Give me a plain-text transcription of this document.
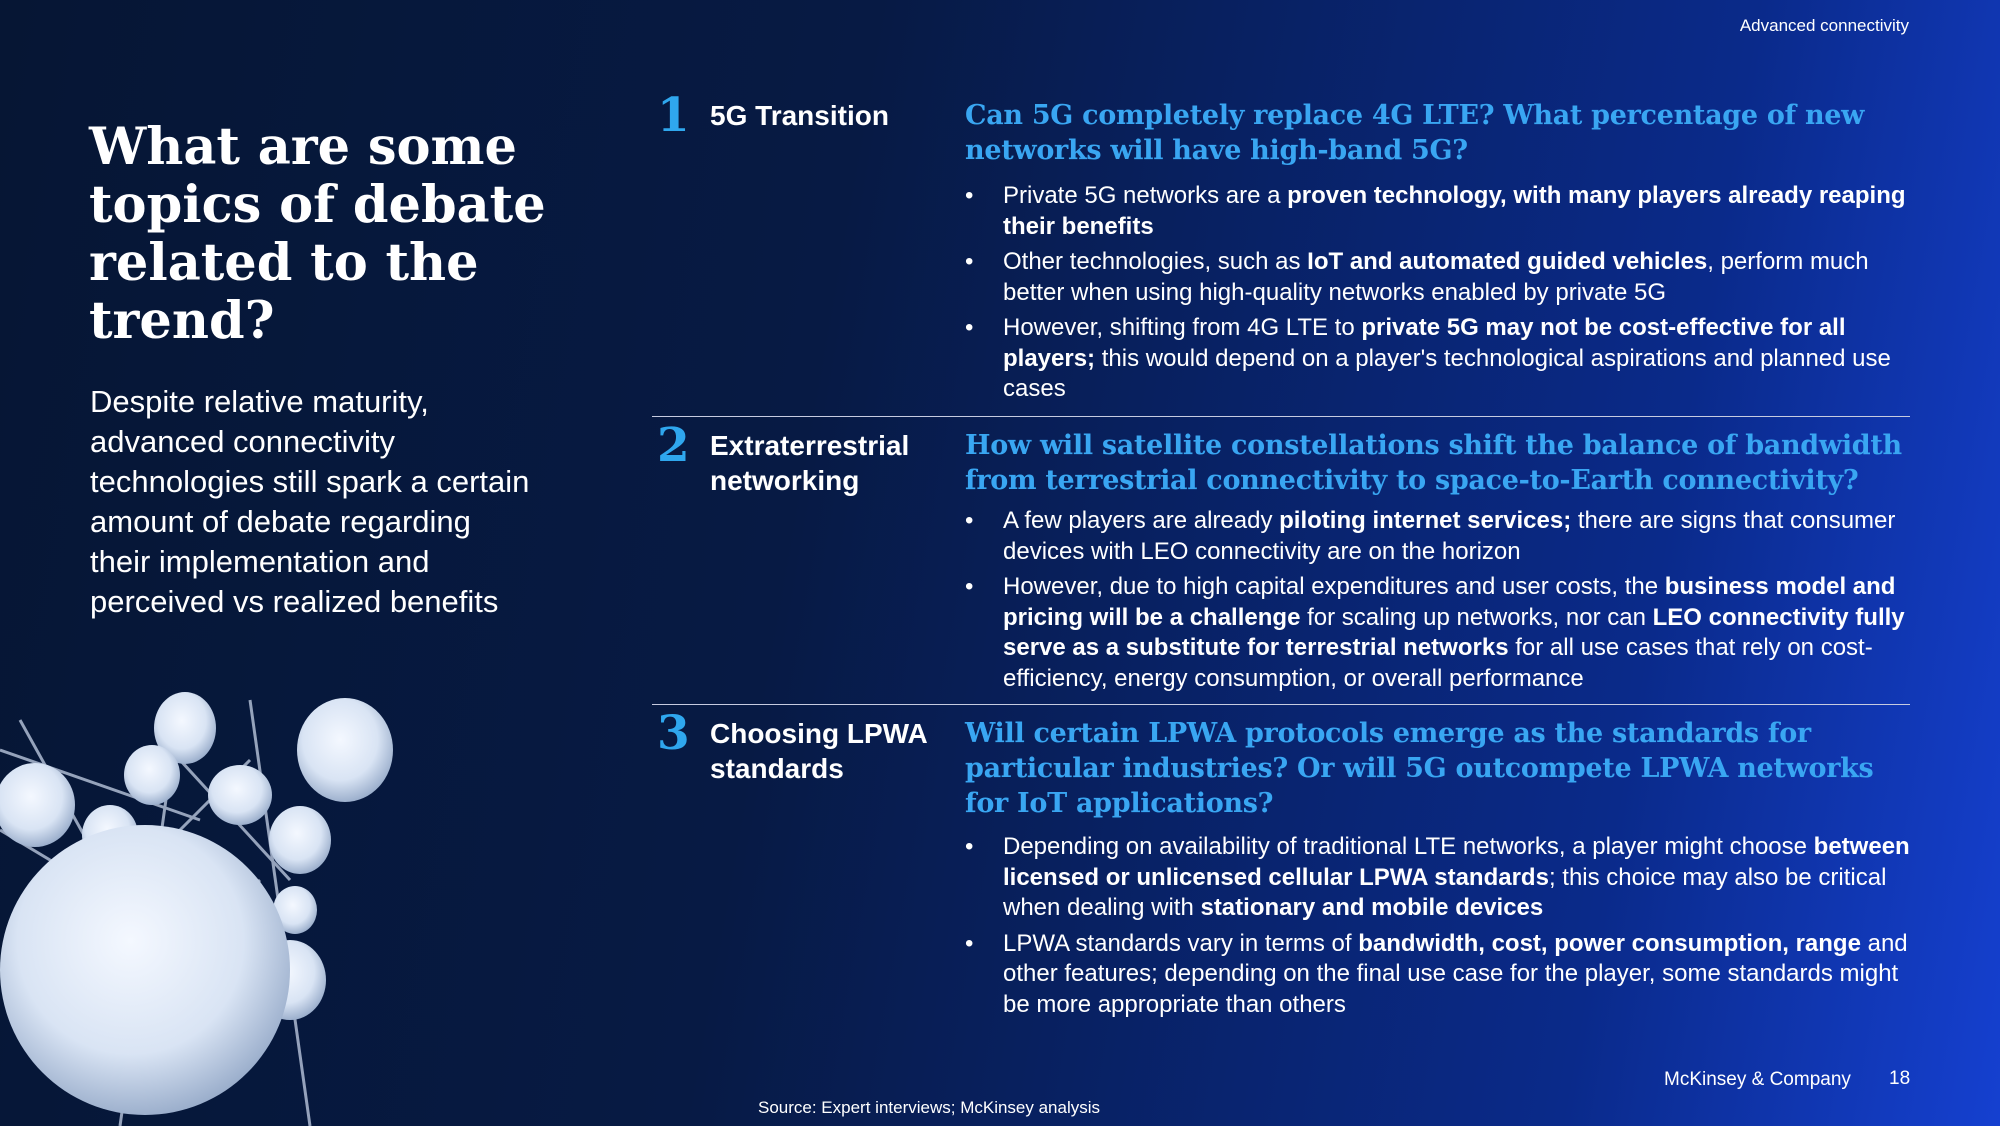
Advanced connectivity
What are some
topics of debate
related to the
trend?
Despite relative maturity,
advanced connectivity
technologies still spark a certain
amount of debate regarding
their implementation and
perceived vs realized benefits
1 5G Transition	Can 5G completely replace 4G LTE? What percentage of new networks will have high-band 5G?

• Private 5G networks are a proven technology, with many players already reaping their benefits
• Other technologies, such as IoT and automated guided vehicles, perform much better when using high-quality networks enabled by private 5G
• However, shifting from 4G LTE to private 5G may not be cost-effective for all players; this would depend on a player's technological aspirations and planned use cases
2 Extraterrestrial
networking

How will satellite constellations shift the balance of bandwidth from terrestrial connectivity to space-to-Earth connectivity?

• A few players are already piloting internet services; there are signs that consumer devices with LEO connectivity are on the horizon
• However, due to high capital expenditures and user costs, the business model and pricing will be a challenge for scaling up networks, nor can LEO connectivity fully serve as a substitute for terrestrial networks for all use cases that rely on cost-efficiency, energy consumption, or overall performance
3 Choosing LPWA
standards

Will certain LPWA protocols emerge as the standards for particular industries? Or will 5G outcompete LPWA networks for IoT applications?

• Depending on availability of traditional LTE networks, a player might choose between licensed or unlicensed cellular LPWA standards; this choice may also be critical when dealing with stationary and mobile devices
• LPWA standards vary in terms of bandwidth, cost, power consumption, range and other features; depending on the final use case for the player, some standards might be more appropriate than others
Source: Expert interviews; McKinsey analysis
McKinsey & Company 18
